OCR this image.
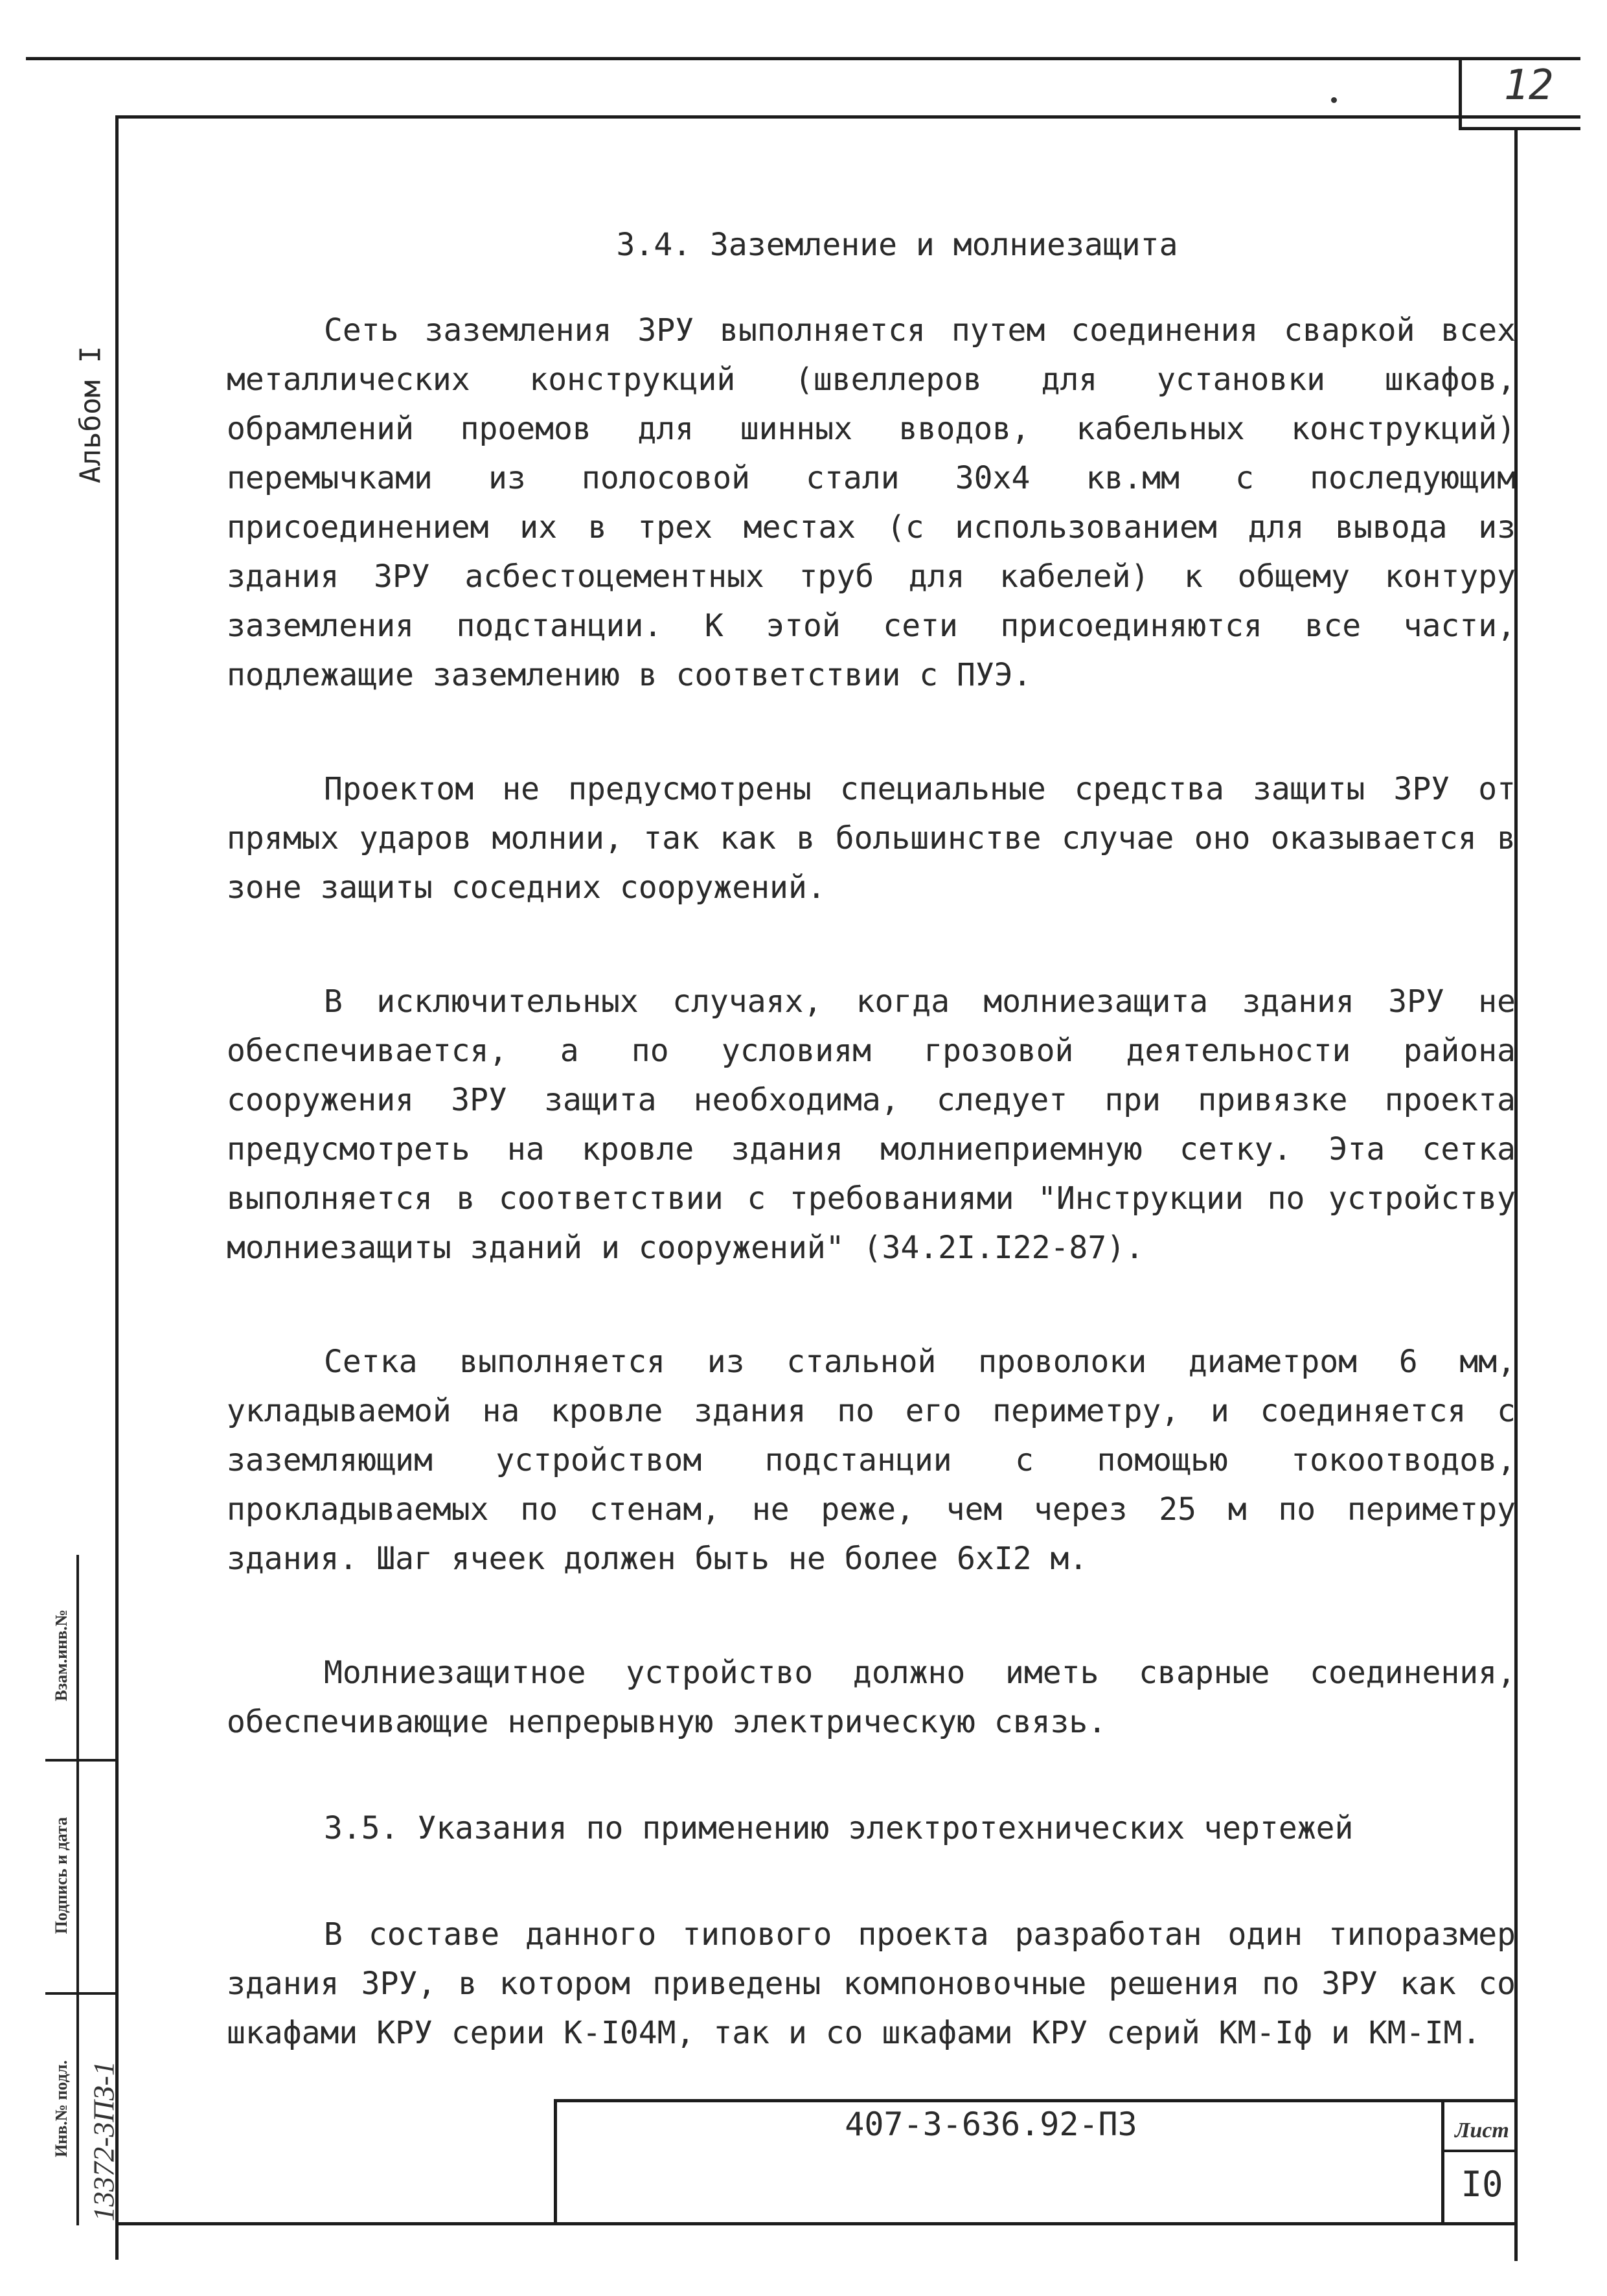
12
Альбом I
Взам.инв.№
Подпись и дата
Инв.№ подл. 13372-3ПЗ-1
3.4. Заземление и молниезащита

Сеть заземления ЗРУ выполняется путем соединения сваркой всех металлических конструкций (швеллеров для установки шкафов, обрамлений проемов для шинных вводов, кабельных конструкций) перемычками из полосовой стали 30х4 кв.мм с последующим присоединением их в трех местах (с использованием для вывода из здания ЗРУ асбестоцементных труб для кабелей) к общему контуру заземления подстанции. К этой сети присоединяются все части, подлежащие заземлению в соответствии с ПУЭ.

Проектом не предусмотрены специальные средства защиты ЗРУ от прямых ударов молнии, так как в большинстве случае оно оказывается в зоне защиты соседних сооружений.

В исключительных случаях, когда молниезащита здания ЗРУ не обеспечивается, а по условиям грозовой деятельности района сооружения ЗРУ защита необходима, следует при привязке проекта предусмотреть на кровле здания молниеприемную сетку. Эта сетка выполняется в соответствии с требованиями "Инструкции по устройству молниезащиты зданий и сооружений" (34.2I.I22-87).

Сетка выполняется из стальной проволоки диаметром 6 мм, укладываемой на кровле здания по его периметру, и соединяется с заземляющим устройством подстанции с помощью токоотводов, прокладываемых по стенам, не реже, чем через 25 м по периметру здания. Шаг ячеек должен быть не более 6хI2 м.

Молниезащитное устройство должно иметь сварные соединения, обеспечивающие непрерывную электрическую связь.

3.5. Указания по применению электротехнических чертежей

В составе данного типового проекта разработан один типоразмер здания ЗРУ, в котором приведены компоновочные решения по ЗРУ как со шкафами КРУ серии К-I04М, так и со шкафами КРУ серий КМ-Iф и КМ-IМ.

407-3-636.92-ПЗ	Лист
I0
